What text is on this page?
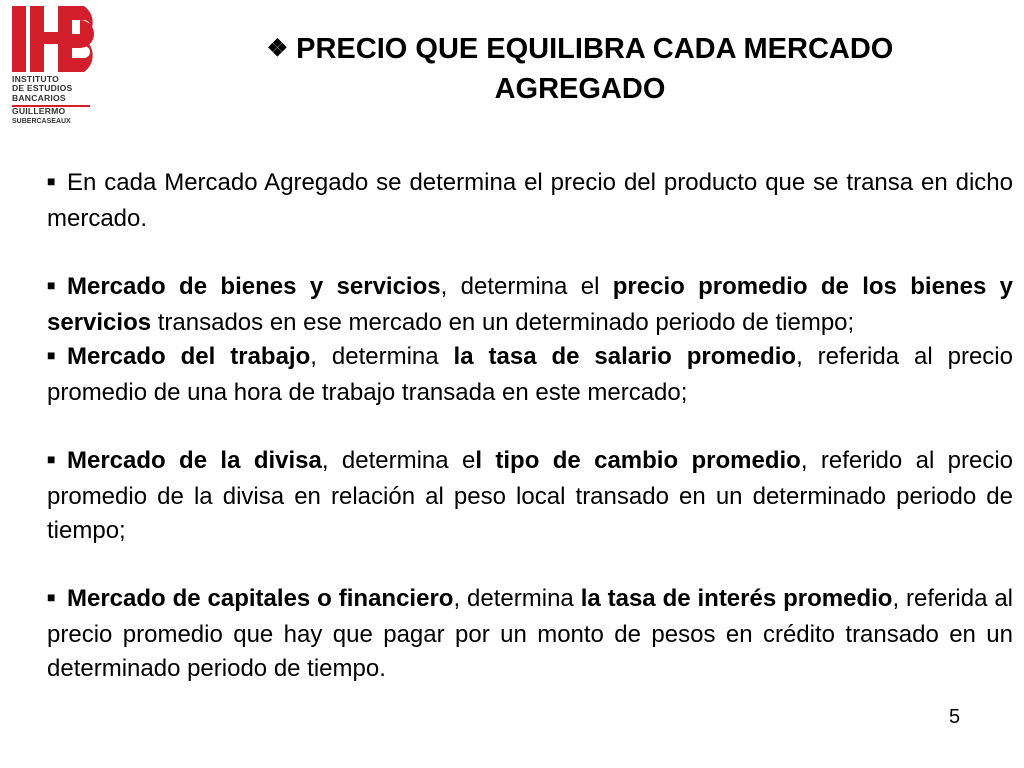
INSTITUTO
DE ESTUDIOS
BANCARIOS
GUILLERMO
SUBERCASEAUX
❖ PRECIO QUE EQUILIBRA CADA MERCADO
AGREGADO

■ En cada Mercado Agregado se determina el precio del producto que se transa en dicho mercado.

■ Mercado de bienes y servicios, determina el precio promedio de los bienes y servicios transados en ese mercado en un determinado periodo de tiempo;

■ Mercado del trabajo, determina la tasa de salario promedio, referida al precio promedio de una hora de trabajo transada en este mercado;

■ Mercado de la divisa, determina el tipo de cambio promedio, referido al precio promedio de la divisa en relación al peso local transado en un determinado periodo de tiempo;

■ Mercado de capitales o financiero, determina la tasa de interés promedio, referida al precio promedio que hay que pagar por un monto de pesos en crédito transado en un determinado periodo de tiempo.

5
